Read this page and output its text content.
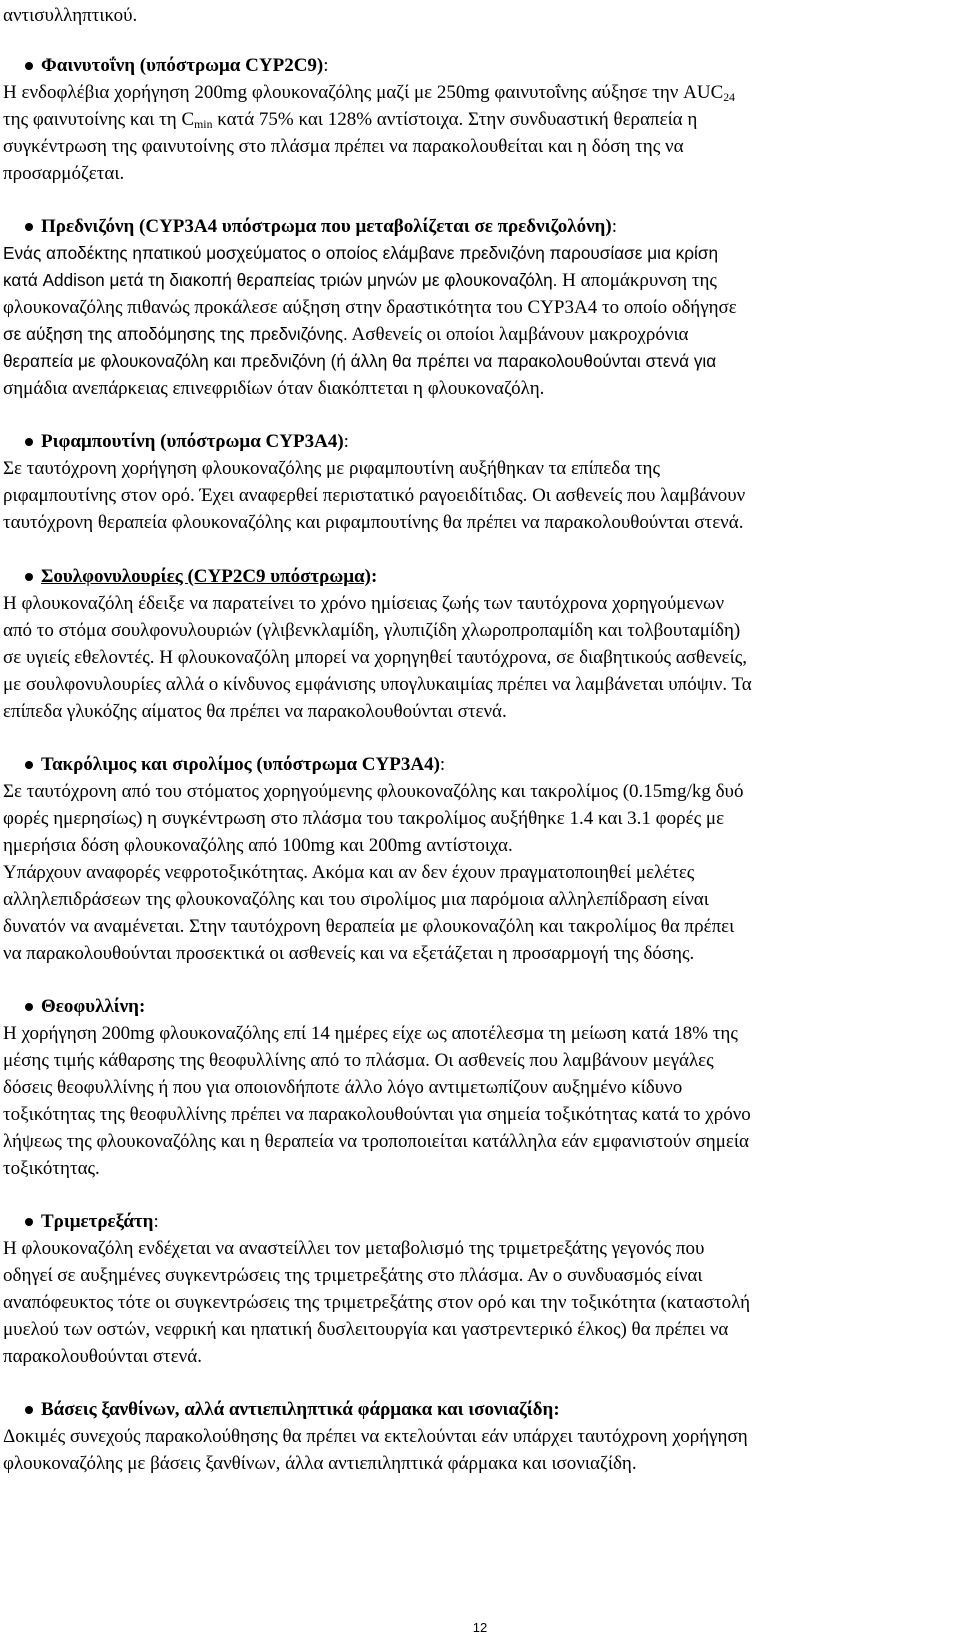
αντισυλληπτικού.
Φαινυτοΐνη (υπόστρωμα CYP2C9):
Η ενδοφλέβια χορήγηση 200mg φλουκοναζόλης μαζί με 250mg φαινυτοΐνης αύξησε την $AUC_{24}$
της φαινυτοίνης και τη $C_{min}$ κατά 75% και 128% αντίστοιχα. Στην συνδυαστική θεραπεία η
συγκέντρωση της φαινυτοίνης στο πλάσμα πρέπει να παρακολουθείται και η δόση της να
προσαρμόζεται.
Πρεδνιζόνη (CYP3A4 υπόστρωμα που μεταβολίζεται σε πρεδνιζολόνη):
Ενάς αποδέκτης ηπατικού μοσχεύματος ο οποίος ελάμβανε πρεδνιζόνη παρουσίασε μια κρίση
κατά Addison μετά τη διακοπή θεραπείας τριών μηνών με φλουκοναζόλη. Η απομάκρυνση της
φλουκοναζόλης πιθανώς προκάλεσε αύξηση στην δραστικότητα του CYP3A4 το οποίο οδήγησε
σε αύξηση της αποδόμησης της πρεδνιζόνης. Ασθενείς οι οποίοι λαμβάνουν μακροχρόνια
θεραπεία με φλουκοναζόλη και πρεδνιζόνη (ή άλλη θα πρέπει να παρακολουθούνται στενά για
σημάδια ανεπάρκειας επινεφριδίων όταν διακόπτεται η φλουκοναζόλη.
Ριφαμπουτίνη (υπόστρωμα CYP3A4):
Σε ταυτόχρονη χορήγηση φλουκοναζόλης με ριφαμπουτίνη αυξήθηκαν τα επίπεδα της
ριφαμπουτίνης στον ορό. Έχει αναφερθεί περιστατικό ραγοειδίτιδας. Οι ασθενείς που λαμβάνουν
ταυτόχρονη θεραπεία φλουκοναζόλης και ριφαμπουτίνης θα πρέπει να παρακολουθούνται στενά.
Σουλφονυλουρίες (CYP2C9 υπόστρωμα):
Η φλουκοναζόλη έδειξε να παρατείνει το χρόνο ημίσειας ζωής των ταυτόχρονα χορηγούμενων
από το στόμα σουλφονυλουριών (γλιβενκλαμίδη, γλυπιζίδη χλωροπροπαμίδη και τολβουταμίδη)
σε υγιείς εθελοντές. Η φλουκοναζόλη μπορεί να χορηγηθεί ταυτόχρονα, σε διαβητικούς ασθενείς,
με σουλφονυλουρίες αλλά ο κίνδυνος εμφάνισης υπογλυκαιμίας πρέπει να λαμβάνεται υπόψιν. Τα
επίπεδα γλυκόζης αίματος θα πρέπει να παρακολουθούνται στενά.
Τακρόλιμος και σιρολίμος (υπόστρωμα CYP3A4):
Σε ταυτόχρονη από του στόματος χορηγούμενης φλουκοναζόλης και τακρολίμος (0.15mg/kg δυό
φορές ημερησίως) η συγκέντρωση στο πλάσμα του τακρολίμος αυξήθηκε 1.4 και 3.1 φορές με
ημερήσια δόση φλουκοναζόλης από 100mg και 200mg αντίστοιχα.
Υπάρχουν αναφορές νεφροτοξικότητας. Ακόμα και αν δεν έχουν πραγματοποιηθεί μελέτες
αλληλεπιδράσεων της φλουκοναζόλης και του σιρολίμος μια παρόμοια αλληλεπίδραση είναι
δυνατόν να αναμένεται. Στην ταυτόχρονη θεραπεία με φλουκοναζόλη και τακρολίμος θα πρέπει
να παρακολουθούνται προσεκτικά οι ασθενείς και να εξετάζεται η προσαρμογή της δόσης.
Θεοφυλλίνη:
Η χορήγηση 200mg φλουκοναζόλης επί 14 ημέρες είχε ως αποτέλεσμα τη μείωση κατά 18% της
μέσης τιμής κάθαρσης της θεοφυλλίνης από το πλάσμα. Οι ασθενείς που λαμβάνουν μεγάλες
δόσεις θεοφυλλίνης ή που για οποιονδήποτε άλλο λόγο αντιμετωπίζουν αυξημένο κίδυνο
τοξικότητας της θεοφυλλίνης πρέπει να παρακολουθούνται για σημεία τοξικότητας κατά το χρόνο
λήψεως της φλουκοναζόλης και η θεραπεία να τροποποιείται κατάλληλα εάν εμφανιστούν σημεία
τοξικότητας.
Τριμετρεξάτη:
Η φλουκοναζόλη ενδέχεται να αναστείλλει τον μεταβολισμό της τριμετρεξάτης γεγονός που
οδηγεί σε αυξημένες συγκεντρώσεις της τριμετρεξάτης στο πλάσμα. Αν ο συνδυασμός είναι
αναπόφευκτος τότε οι συγκεντρώσεις της τριμετρεξάτης στον ορό και την τοξικότητα (καταστολή
μυελού των οστών, νεφρική και ηπατική δυσλειτουργία και γαστρεντερικό έλκος) θα πρέπει να
παρακολουθούνται στενά.
Βάσεις ξανθίνων, αλλά αντιεπιληπτικά φάρμακα και ισονιαζίδη:
Δοκιμές συνεχούς παρακολούθησης θα πρέπει να εκτελούνται εάν υπάρχει ταυτόχρονη χορήγηση
φλουκοναζόλης με βάσεις ξανθίνων, άλλα αντιεπιληπτικά φάρμακα και ισονιαζίδη.
12
